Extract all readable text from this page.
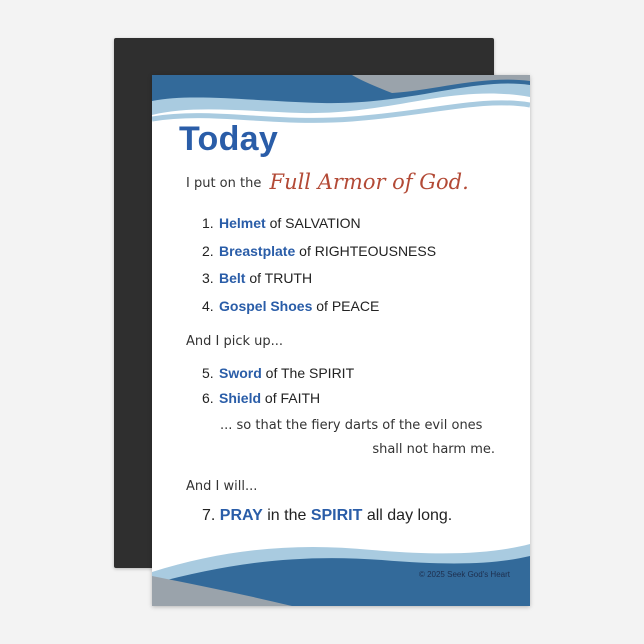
Today
I put on the Full Armor of God.
1. Helmet of SALVATION
2. Breastplate of RIGHTEOUSNESS
3. Belt of TRUTH
4. Gospel Shoes of PEACE
And I pick up...
5. Sword of The SPIRIT
6. Shield of FAITH
... so that the fiery darts of the evil ones
shall not harm me.
And I will...
7. PRAY in the SPIRIT all day long.
© 2025 Seek God's Heart
